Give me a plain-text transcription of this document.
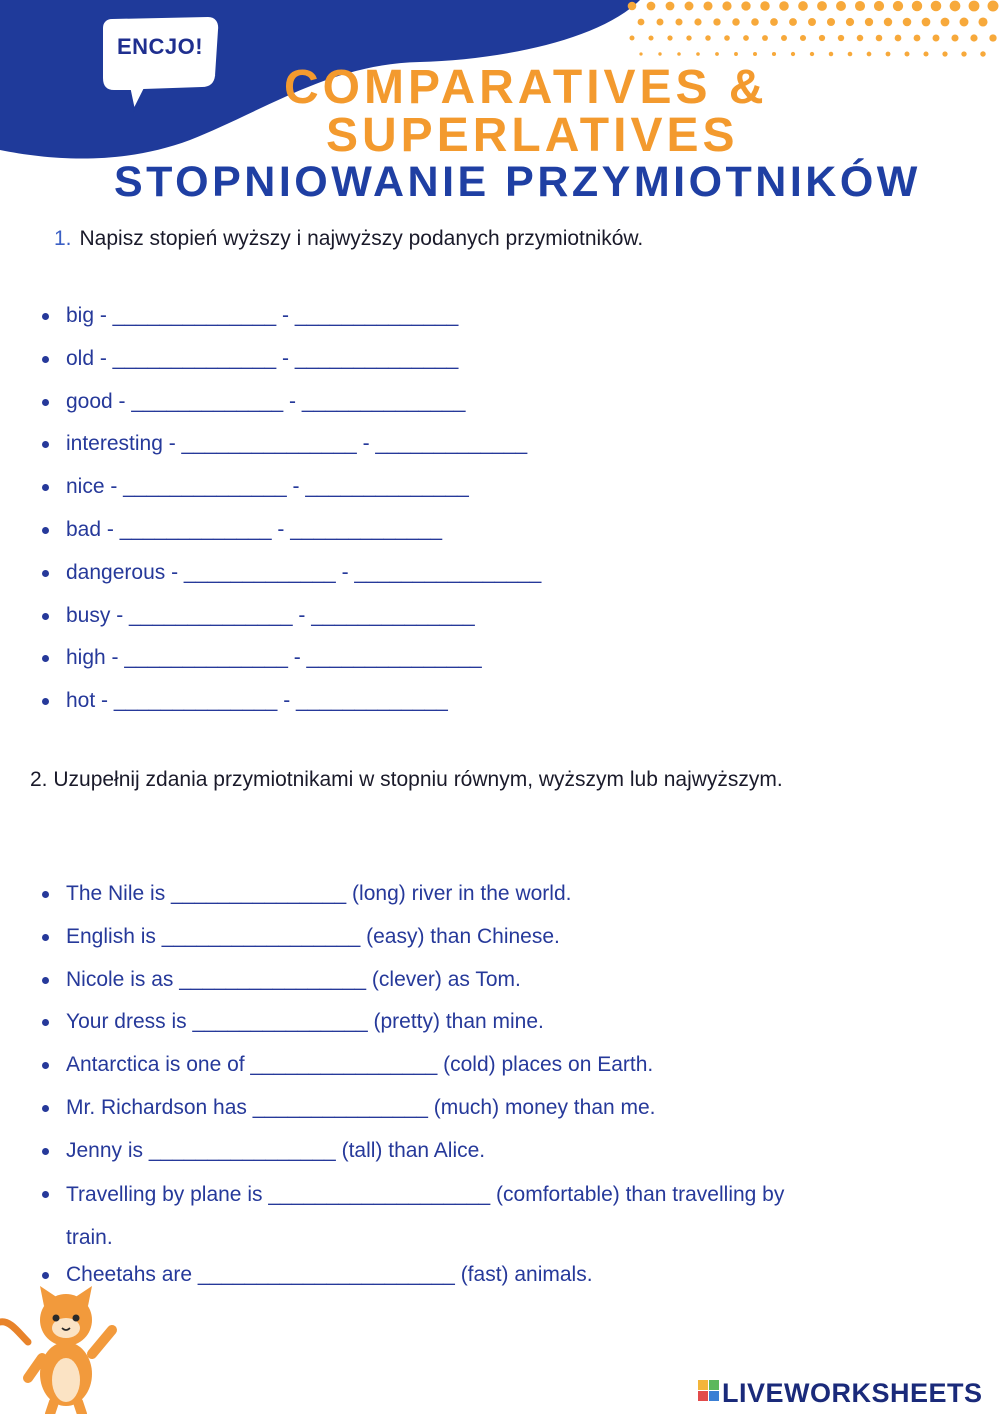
ENCJO!
COMPARATIVES &
SUPERLATIVES
STOPNIOWANIE PRZYMIOTNIKÓW
1. Napisz stopień wyższy i najwyższy podanych przymiotników.
big - ______________ - ______________
old - ______________ - ______________
good - _____________ - ______________
interesting - _______________ - _____________
nice - ______________ - ______________
bad - _____________ - _____________
dangerous - _____________ - ________________
busy - ______________ - ______________
high - ______________ - _______________
hot - ______________ - _____________
2. Uzupełnij zdania przymiotnikami w stopniu równym, wyższym lub najwyższym.
The Nile is _______________ (long) river in the world.
English is _________________ (easy) than Chinese.
Nicole is as ________________ (clever) as Tom.
Your dress is _______________ (pretty) than mine.
Antarctica is one of ________________ (cold) places on Earth.
Mr. Richardson has _______________ (much) money than me.
Jenny is ________________ (tall) than Alice.
Travelling by plane is ___________________ (comfortable) than travelling by train.
Cheetahs are ______________________ (fast) animals.
LIVEWORKSHEETS
